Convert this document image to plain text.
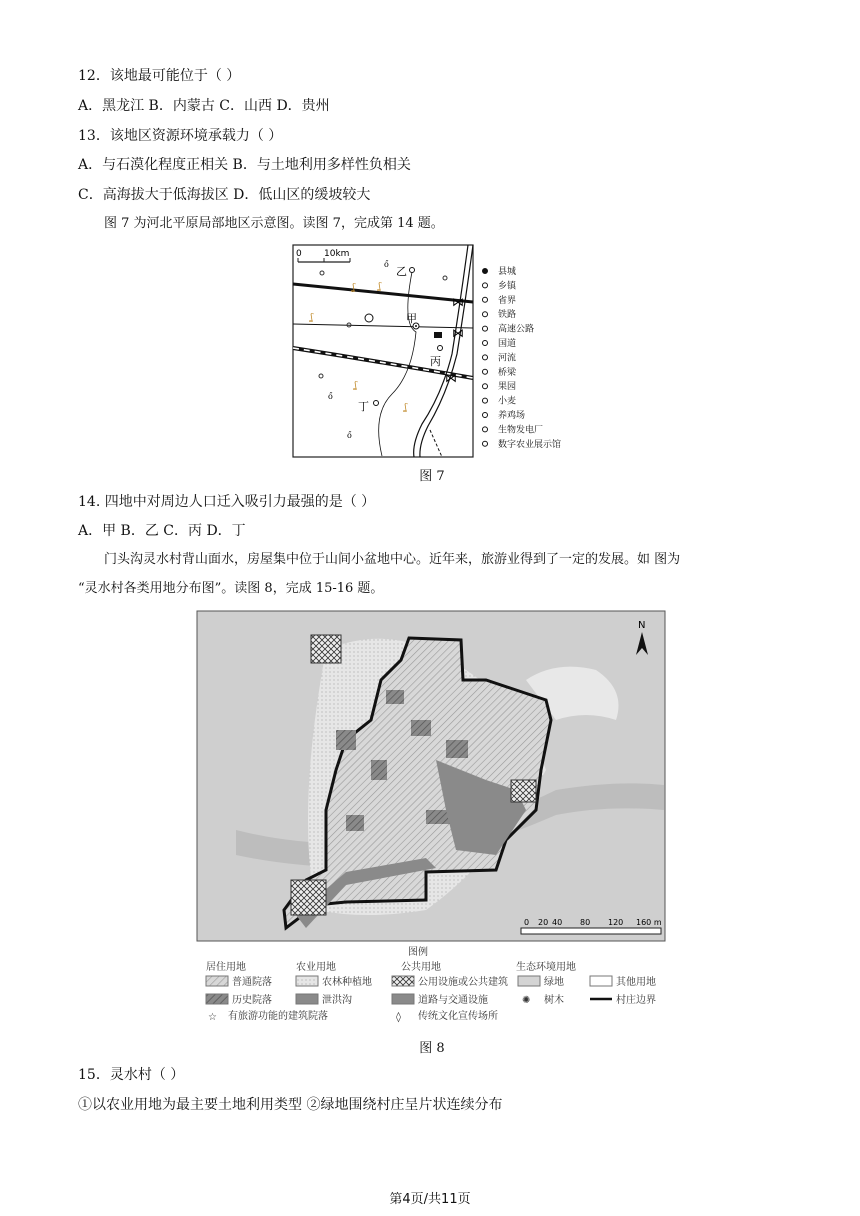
12．该地最可能位于（ ）
A．黑龙江 B．内蒙古 C．山西 D．贵州
13．该地区资源环境承载力（ ）
A．与石漠化程度正相关 B．与土地利用多样性负相关
C．高海拔大于低海拔区 D．低山区的缓坡较大
图 7 为河北平原局部地区示意图。读图 7，完成第 14 题。
0 10km
⋈
⋈
⋈
甲
乙
丙
丁
ő
ő
ő
ʆ	ʆ
ʆ
ʆ
ʆ
县城
乡镇
省界
铁路
高速公路
国道
河流
桥梁
果园
小麦
养鸡场
生物发电厂
数字农业展示馆
图 7
14. 四地中对周边人口迁入吸引力最强的是（ ）
A．甲 B．乙 C．丙 D．丁
门头沟灵水村背山面水，房屋集中位于山间小盆地中心。近年来，旅游业得到了一定的发展。如 图为
“灵水村各类用地分布图”。读图 8，完成 15-16 题。
N
0 20 40 80 120 160 m
图例
居住用地	农业用地	公共用地	生态环境用地
普通院落
历史院落
☆ 有旅游功能的建筑院落
农林种植地
泄洪沟
公用设施或公共建筑
道路与交通设施
◊ 传统文化宣传场所
绿地
✺ 树木
其他用地
村庄边界
图 8
15．灵水村（ ）
①以农业用地为最主要土地利用类型 ②绿地围绕村庄呈片状连续分布
第4页/共11页
